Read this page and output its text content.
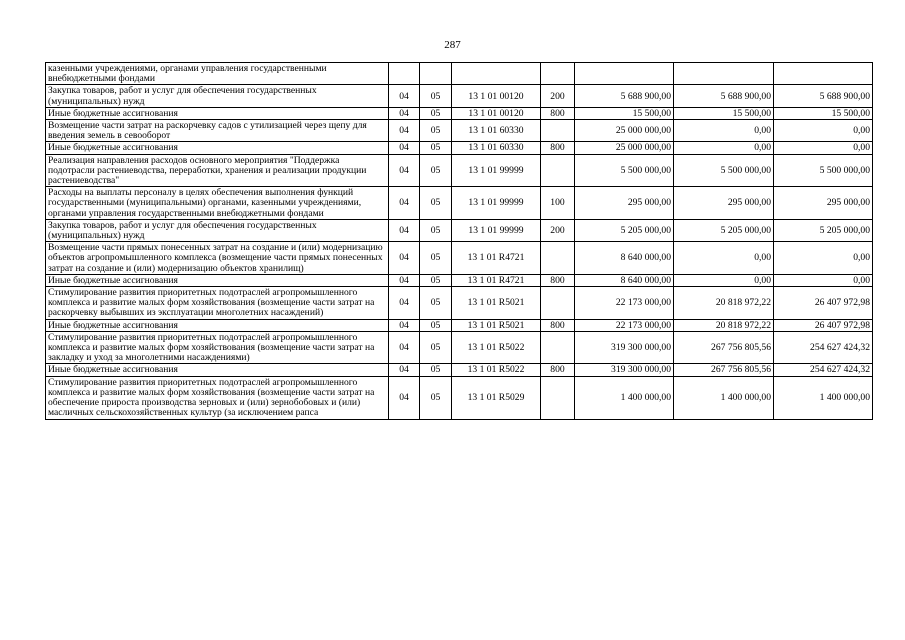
287
казенными учреждениями, органами управления государственными внебюджетными фондами							
Закупка товаров, работ и услуг для обеспечения государственных (муниципальных) нужд	04	05	13 1 01 00120	200	5 688 900,00	5 688 900,00	5 688 900,00
Иные бюджетные ассигнования	04	05	13 1 01 00120	800	15 500,00	15 500,00	15 500,00
Возмещение части затрат на раскорчевку садов с утилизацией через щепу для введения земель в севооборот	04	05	13 1 01 60330		25 000 000,00	0,00	0,00
Иные бюджетные ассигнования	04	05	13 1 01 60330	800	25 000 000,00	0,00	0,00
Реализация направления расходов основного мероприятия "Поддержка подотрасли растениеводства, переработки, хранения и реализации продукции растениеводства"	04	05	13 1 01 99999		5 500 000,00	5 500 000,00	5 500 000,00
Расходы на выплаты персоналу в целях обеспечения выполнения функций государственными (муниципальными) органами, казенными учреждениями, органами управления государственными внебюджетными фондами	04	05	13 1 01 99999	100	295 000,00	295 000,00	295 000,00
Закупка товаров, работ и услуг для обеспечения государственных (муниципальных) нужд	04	05	13 1 01 99999	200	5 205 000,00	5 205 000,00	5 205 000,00
Возмещение части прямых понесенных затрат на создание и (или) модернизацию объектов агропромышленного комплекса (возмещение части прямых понесенных затрат на создание и (или) модернизацию объектов хранилищ)	04	05	13 1 01 R4721		8 640 000,00	0,00	0,00
Иные бюджетные ассигнования	04	05	13 1 01 R4721	800	8 640 000,00	0,00	0,00
Стимулирование развития приоритетных подотраслей агропромышленного комплекса и развитие малых форм хозяйствования (возмещение части затрат на раскорчевку выбывших из эксплуатации многолетних насаждений)	04	05	13 1 01 R5021		22 173 000,00	20 818 972,22	26 407 972,98
Иные бюджетные ассигнования	04	05	13 1 01 R5021	800	22 173 000,00	20 818 972,22	26 407 972,98
Стимулирование развития приоритетных подотраслей агропромышленного комплекса и развитие малых форм хозяйствования (возмещение части затрат на закладку и уход за многолетними насаждениями)	04	05	13 1 01 R5022		319 300 000,00	267 756 805,56	254 627 424,32
Иные бюджетные ассигнования	04	05	13 1 01 R5022	800	319 300 000,00	267 756 805,56	254 627 424,32
Стимулирование развития приоритетных подотраслей агропромышленного комплекса и развитие малых форм хозяйствования (возмещение части затрат на обеспечение прироста производства зерновых и (или) зернобобовых и (или) масличных сельскохозяйственных культур (за исключением рапса	04	05	13 1 01 R5029		1 400 000,00	1 400 000,00	1 400 000,00
